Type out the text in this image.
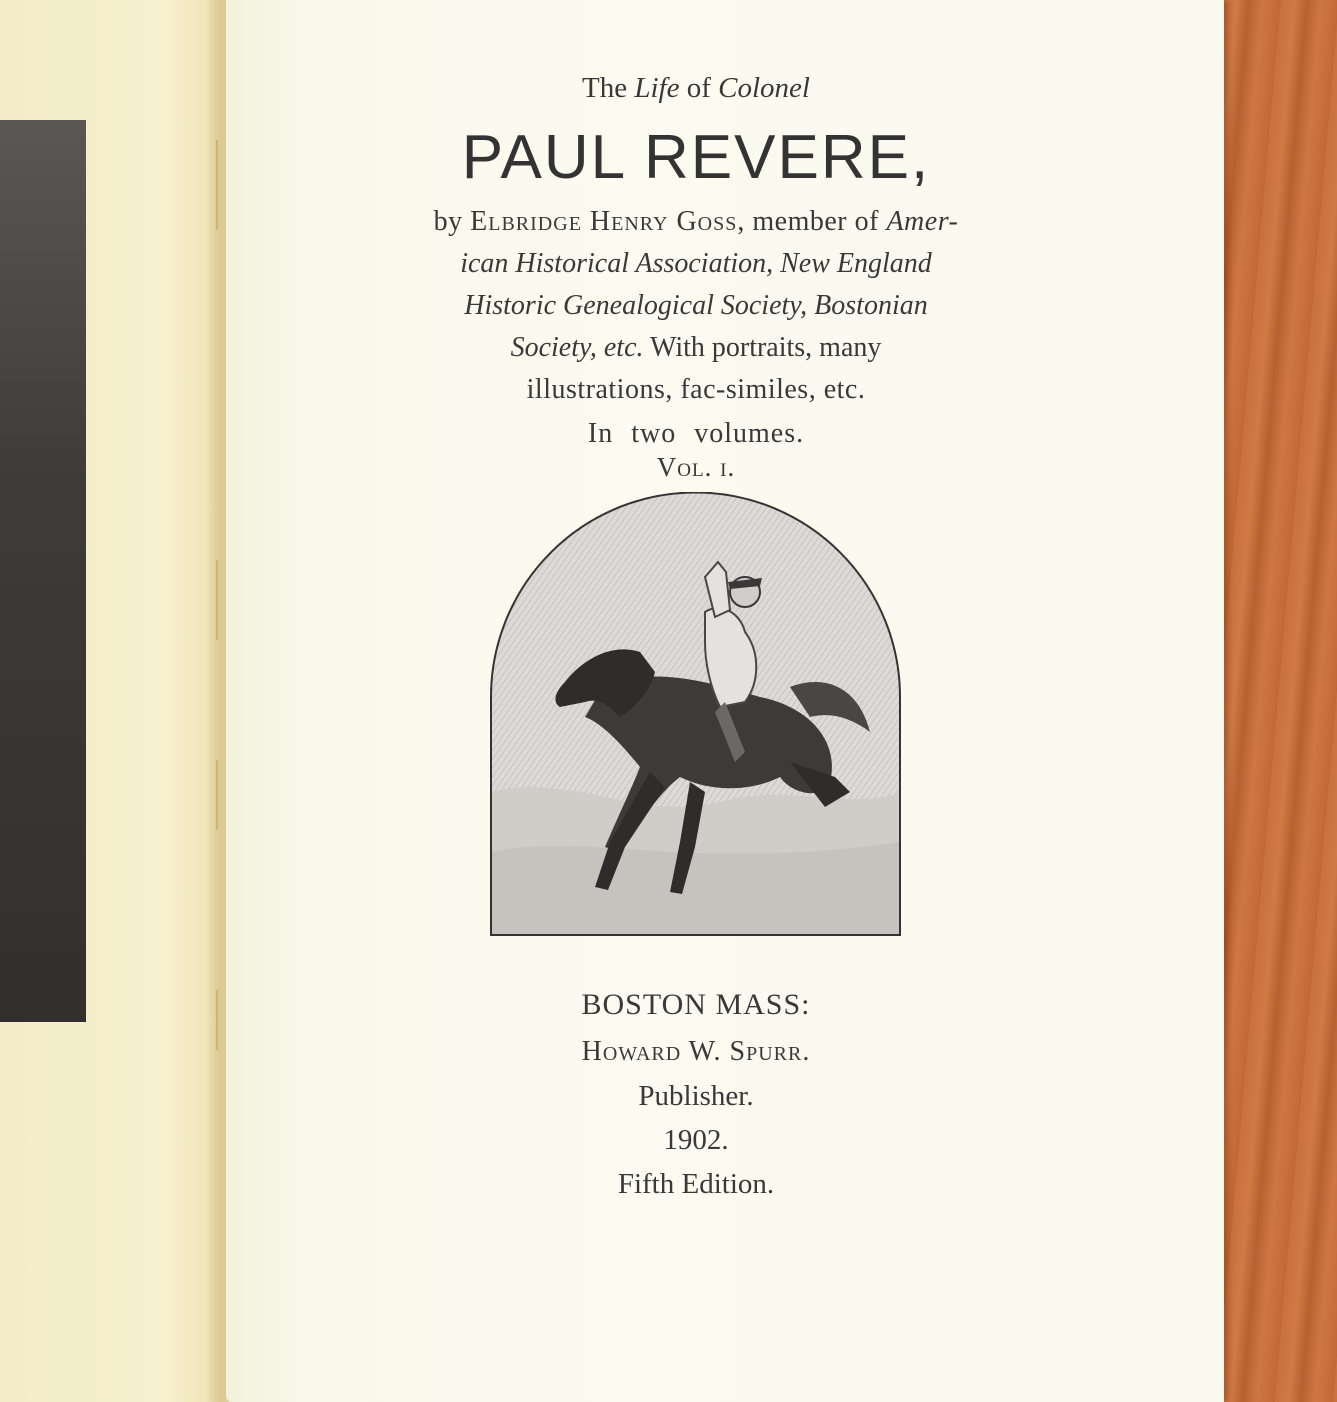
The Life of Colonel
PAUL REVERE,
by Elbridge Henry Goss, member of Amer-
ican Historical Association, New England
Historic Genealogical Society, Bostonian
Society, etc. With portraits, many
illustrations, fac-similes, etc.
In two volumes.
Vol. i.
BOSTON MASS:
Howard W. Spurr.
Publisher.
1902.
Fifth Edition.
